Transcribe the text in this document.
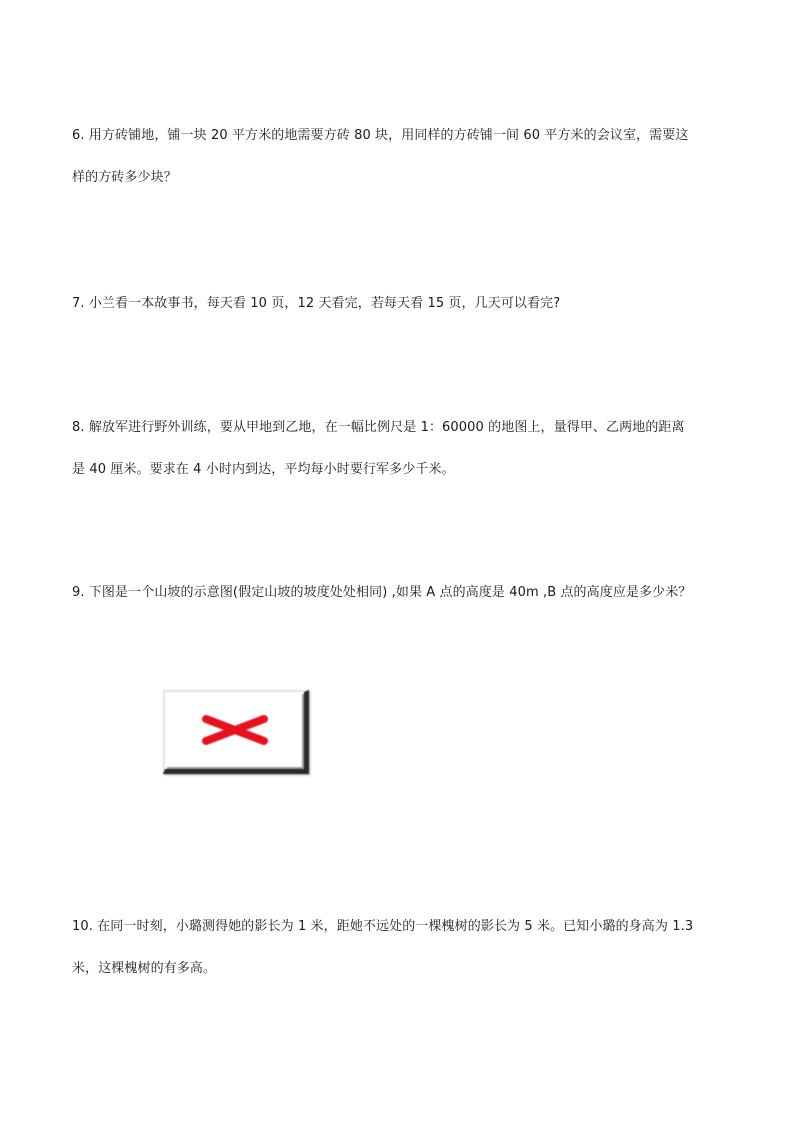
6. 用方砖铺地，铺一块 20 平方米的地需要方砖 80 块，用同样的方砖铺一间 60 平方米的会议室，需要这
样的方砖多少块？
7. 小兰看一本故事书，每天看 10 页，12 天看完，若每天看 15 页，几天可以看完?
8. 解放军进行野外训练，要从甲地到乙地，在一幅比例尺是 1：60000 的地图上，量得甲、乙两地的距离
是 40 厘米。要求在 4 小时内到达，平均每小时要行军多少千米。
9. 下图是一个山坡的示意图(假定山坡的坡度处处相同) ,如果 A 点的高度是 40m ,B 点的高度应是多少米？
10. 在同一时刻，小璐测得她的影长为 1 米，距她不远处的一棵槐树的影长为 5 米。已知小璐的身高为 1.3
米，这棵槐树的有多高。
